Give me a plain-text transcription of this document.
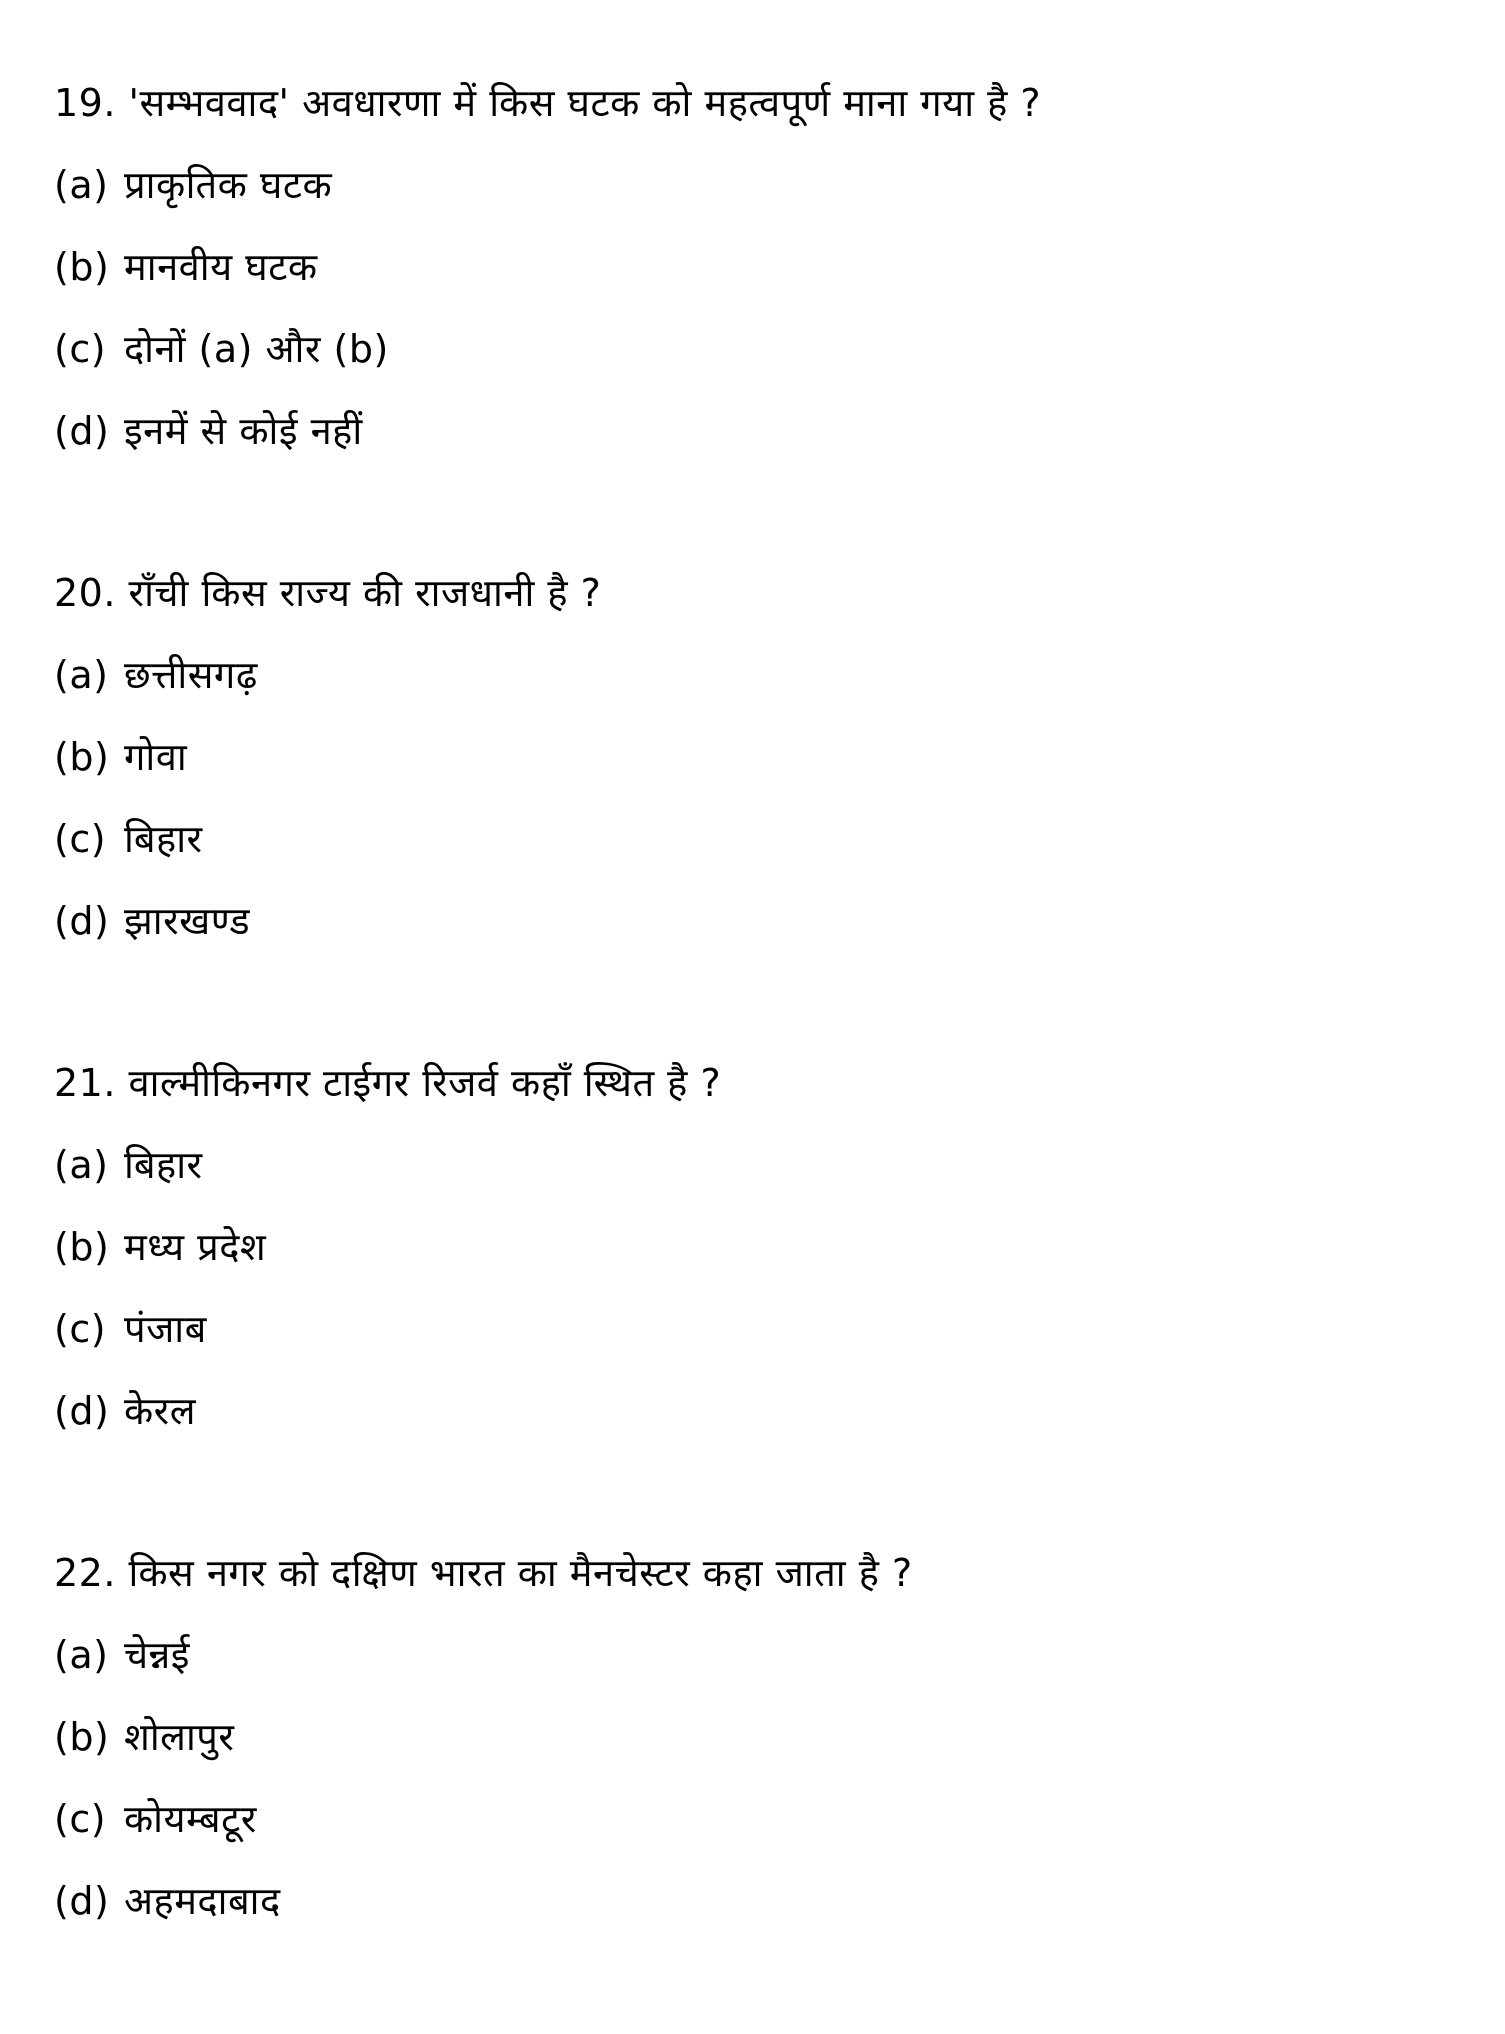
19. 'सम्भववाद' अवधारणा में किस घटक को महत्वपूर्ण माना गया है ?
(a) प्राकृतिक घटक
(b) मानवीय घटक
(c) दोनों (a) और (b)
(d) इनमें से कोई नहीं
20. राँची किस राज्य की राजधानी है ?
(a) छत्तीसगढ़
(b) गोवा
(c) बिहार
(d) झारखण्ड
21. वाल्मीकिनगर टाईगर रिजर्व कहाँ स्थित है ?
(a) बिहार
(b) मध्य प्रदेश
(c) पंजाब
(d) केरल
22. किस नगर को दक्षिण भारत का मैनचेस्टर कहा जाता है ?
(a) चेन्नई
(b) शोलापुर
(c) कोयम्बटूर
(d) अहमदाबाद
